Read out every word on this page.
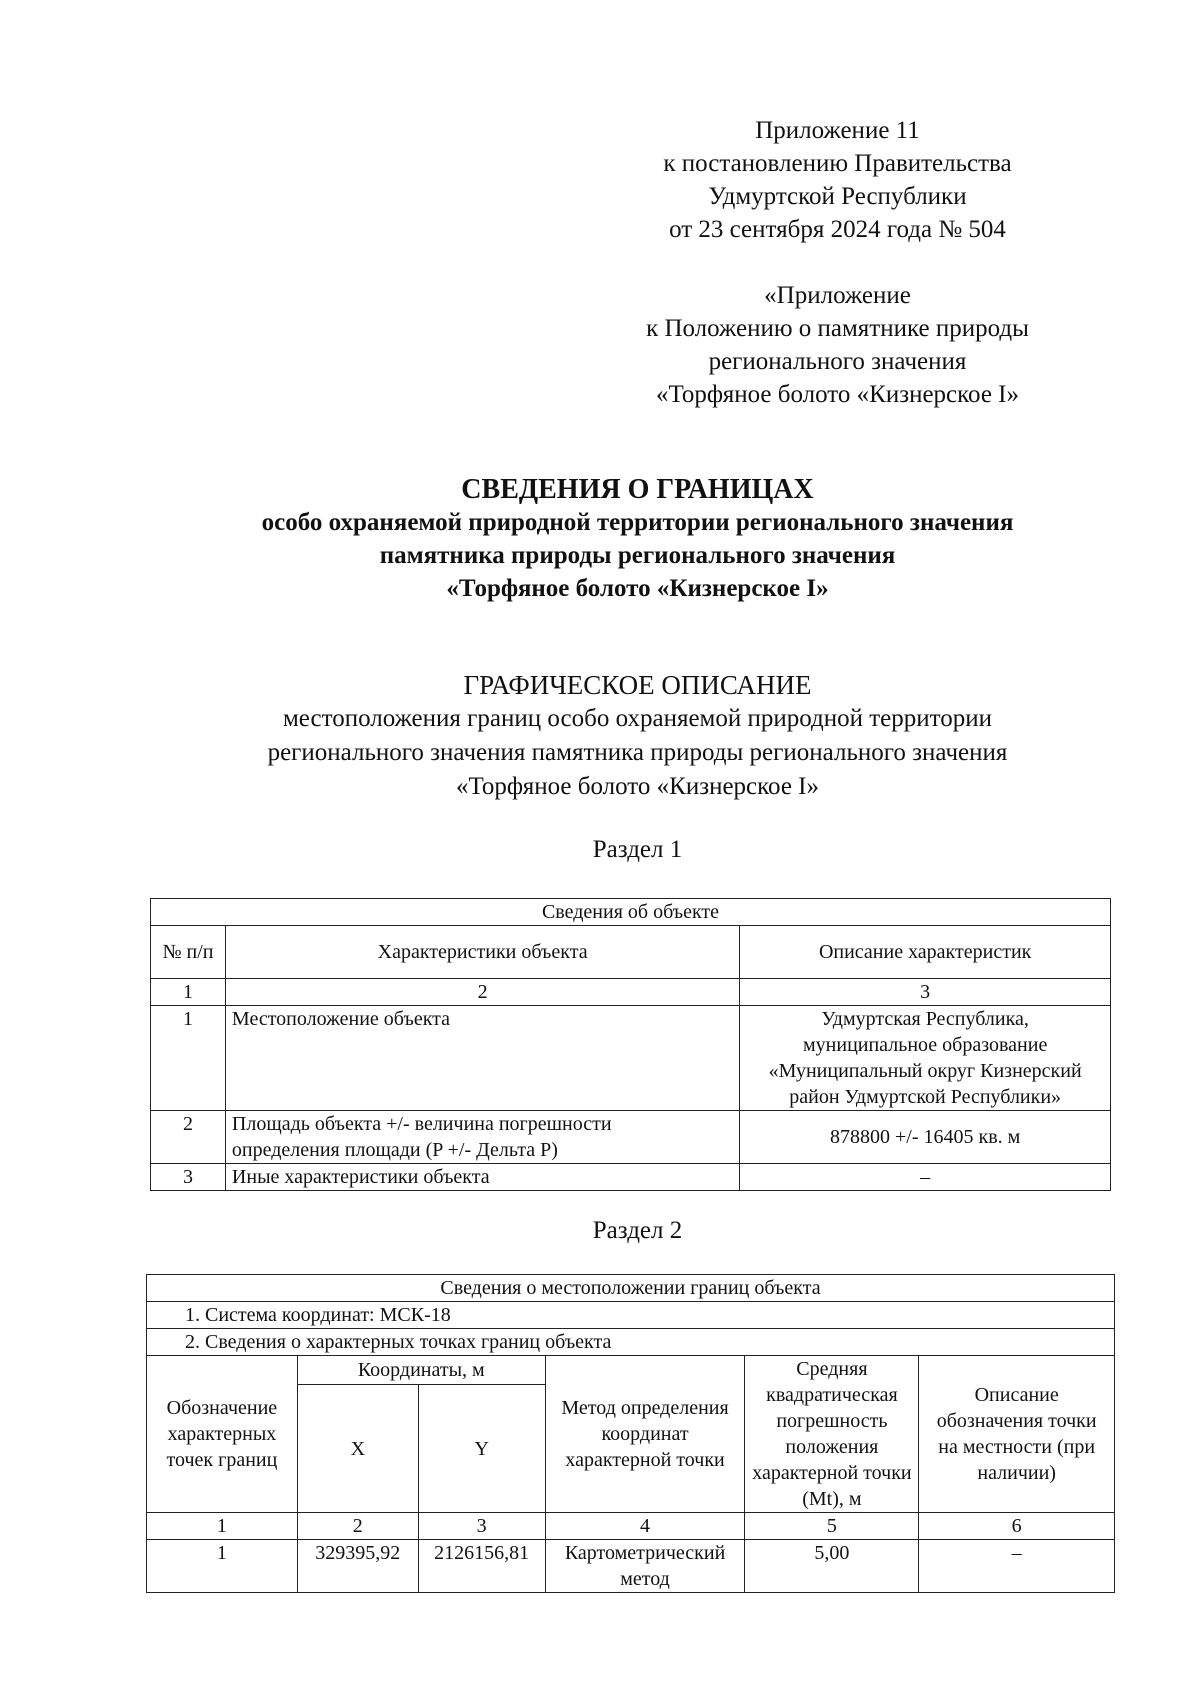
Приложение 11
к постановлению Правительства
Удмуртской Республики
от 23 сентября 2024 года № 504
«Приложение
к Положению о памятнике природы
регионального значения
«Торфяное болото «Кизнерское I»
СВЕДЕНИЯ О ГРАНИЦАХ
особо охраняемой природной территории регионального значения
памятника природы регионального значения
«Торфяное болото «Кизнерское I»
ГРАФИЧЕСКОЕ ОПИСАНИЕ
местоположения границ особо охраняемой природной территории
регионального значения памятника природы регионального значения
«Торфяное болото «Кизнерское I»
Раздел 1
Сведения об объекте		
№ п/п	Характеристики объекта	Описание характеристик
1	2	3
1	Местоположение объекта	Удмуртская Республика,
муниципальное образование
«Муниципальный округ Кизнерский
район Удмуртской Республики»

2	Площадь объекта +/- величина погрешности
определения площади (P +/- Дельта P)	878800 +/- 16405 кв. м
3	Иные характеристики объекта	–
Раздел 2
Сведения о местоположении границ объекта					
1. Система координат: МСК-18					
2. Сведения о характерных точках границ объекта					
Обозначение характерных точек границ	Координаты, м		Метод определения координат характерной точки	Средняя квадратическая погрешность положения характерной точки (Mt), м	Описание обозначения точки на местности (при наличии)
	X	Y			
1	2	3	4	5	6
1	329395,92	2126156,81	Картометрический метод	5,00	–
